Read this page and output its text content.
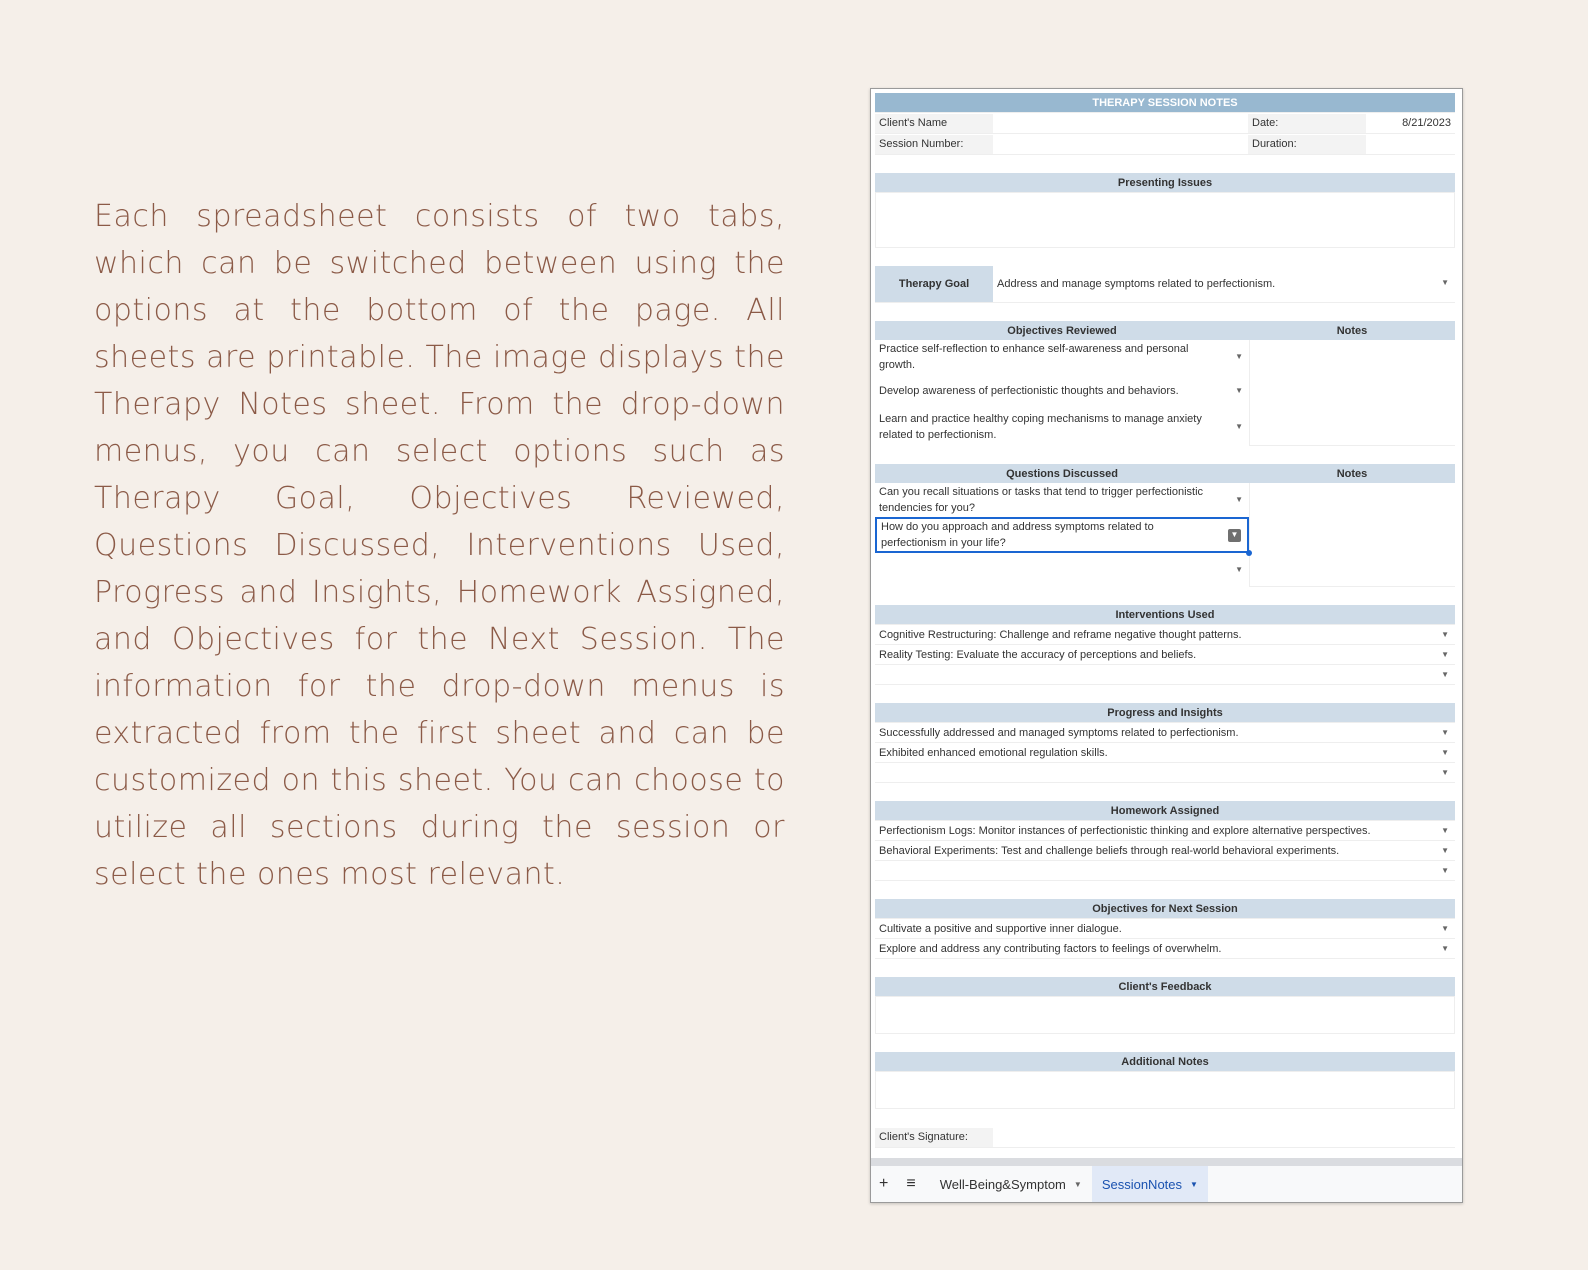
Each spreadsheet consists of two tabs, which can be switched between using the options at the bottom of the page. All sheets are printable. The image displays the Therapy Notes sheet. From the drop-down menus, you can select options such as Therapy Goal, Objectives Reviewed, Questions Discussed, Interventions Used, Progress and Insights, Homework Assigned, and Objectives for the Next Session. The information for the drop-down menus is extracted from the first sheet and can be customized on this sheet. You can choose to utilize all sections during the session or select the ones most relevant.
THERAPY SESSION NOTES
Client's Name	Date:	8/21/2023
Session Number:	Duration:
Presenting Issues
Therapy Goal	Address and manage symptoms related to perfectionism.	▼
Objectives Reviewed	Notes
Practice self-reflection to enhance self-awareness and personal growth.
▼
Develop awareness of perfectionistic thoughts and behaviors.	▼
Learn and practice healthy coping mechanisms to manage anxiety related to perfectionism.
▼
Questions Discussed	Notes
Can you recall situations or tasks that tend to trigger perfectionistic tendencies for you?
▼
How do you approach and address symptoms related to perfectionism in your life?
▼
▼
Interventions Used
Cognitive Restructuring: Challenge and reframe negative thought patterns.	▼
Reality Testing: Evaluate the accuracy of perceptions and beliefs.	▼
▼
Progress and Insights
Successfully addressed and managed symptoms related to perfectionism.	▼
Exhibited enhanced emotional regulation skills.	▼
▼
Homework Assigned
Perfectionism Logs: Monitor instances of perfectionistic thinking and explore alternative perspectives.	▼
Behavioral Experiments: Test and challenge beliefs through real-world behavioral experiments.	▼
▼
Objectives for Next Session
Cultivate a positive and supportive inner dialogue.	▼
Explore and address any contributing factors to feelings of overwhelm.	▼
Client's Feedback
Additional Notes
Client's Signature:
+	≡	Well-Being&Symptom ▼ SessionNotes ▼
